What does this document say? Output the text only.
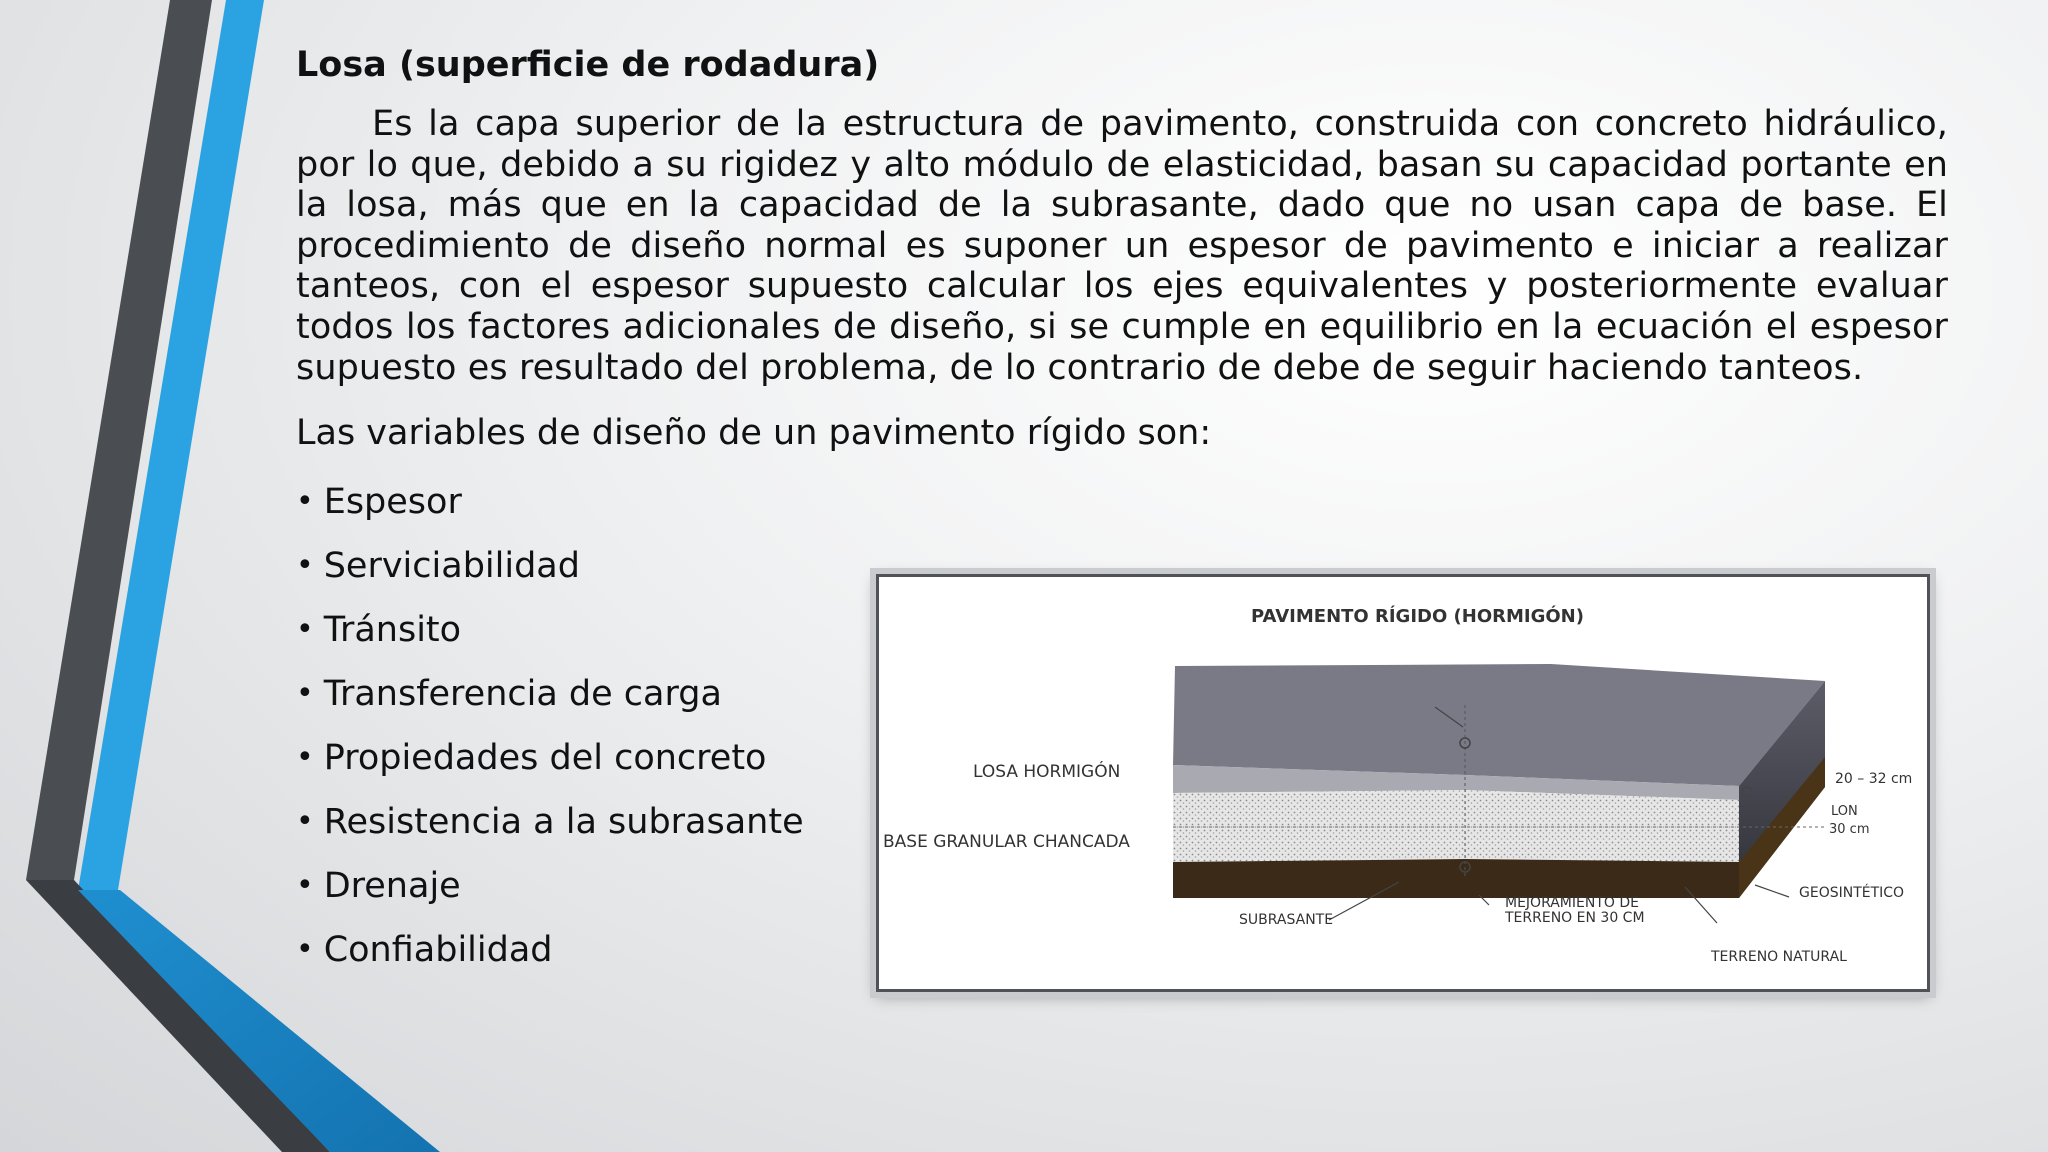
Losa (superficie de rodadura)

Es la capa superior de la estructura de pavimento, construida con concreto hidráulico, por lo que, debido a su rigidez y alto módulo de elasticidad, basan su capacidad portante en la losa, más que en la capacidad de la subrasante, dado que no usan capa de base. El procedimiento de diseño normal es suponer un espesor de pavimento e iniciar a realizar tanteos, con el espesor supuesto calcular los ejes equivalentes y posteriormente evaluar todos los factores adicionales de diseño, si se cumple en equilibrio en la ecuación el espesor supuesto es resultado del problema, de lo contrario de debe de seguir haciendo tanteos.

Las variables de diseño de un pavimento rígido son:

• Espesor
• Serviciabilidad
• Tránsito
• Transferencia de carga
• Propiedades del concreto
• Resistencia a la subrasante
• Drenaje
• Confiabilidad
PAVIMENTO RÍGIDO (HORMIGÓN)
LOSA HORMIGÓN
BASE GRANULAR CHANCADA
SUBRASANTE
MEJORAMIENTO DE
TERRENO EN 30 CM
TERRENO NATURAL
20 – 32 cm
LON
30 cm
GEOSINTÉTICO
